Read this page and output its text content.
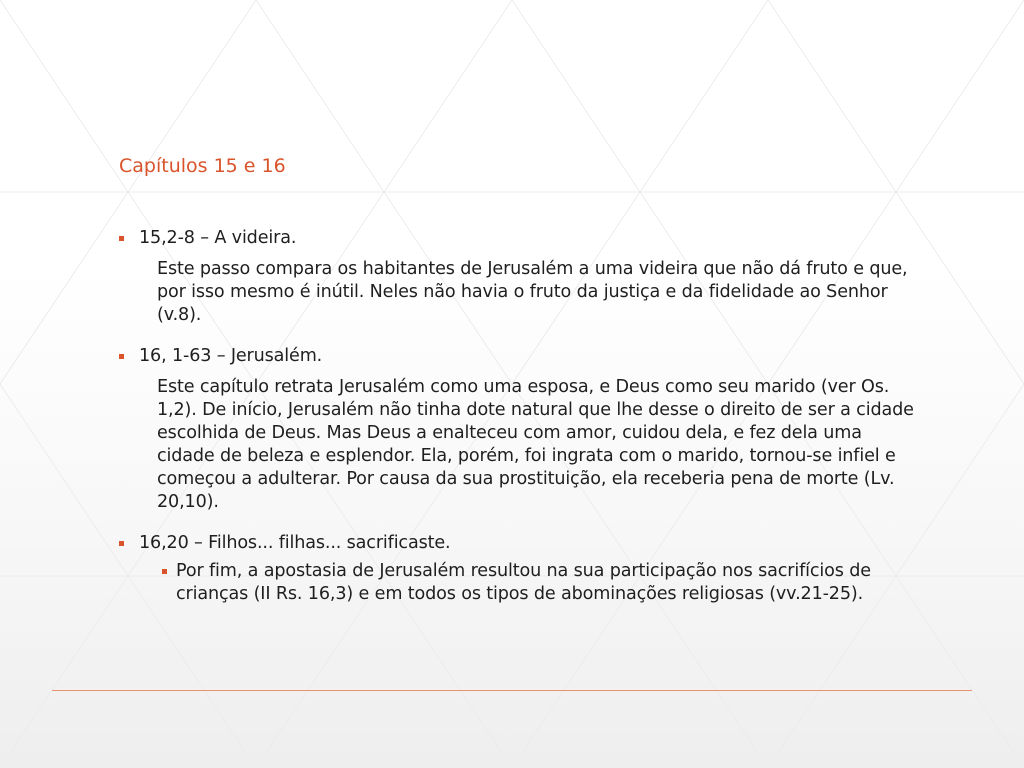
Capítulos 15 e 16
15,2-8 – A videira.
Este passo compara os habitantes de Jerusalém a uma videira que não dá fruto e que, por isso mesmo é inútil. Neles não havia o fruto da justiça e da fidelidade ao Senhor (v.8).
16, 1-63 – Jerusalém.
Este capítulo retrata Jerusalém como uma esposa, e Deus como seu marido (ver Os. 1,2). De início, Jerusalém não tinha dote natural que lhe desse o direito de ser a cidade escolhida de Deus. Mas Deus a enalteceu com amor, cuidou dela, e fez dela uma cidade de beleza e esplendor. Ela, porém, foi ingrata com o marido, tornou-se infiel e começou a adulterar. Por causa da sua prostituição, ela receberia pena de morte (Lv. 20,10).
16,20 – Filhos... filhas... sacrificaste.
Por fim, a apostasia de Jerusalém resultou na sua participação nos sacrifícios de crianças (II Rs. 16,3) e em todos os tipos de abominações religiosas (vv.21-25).
